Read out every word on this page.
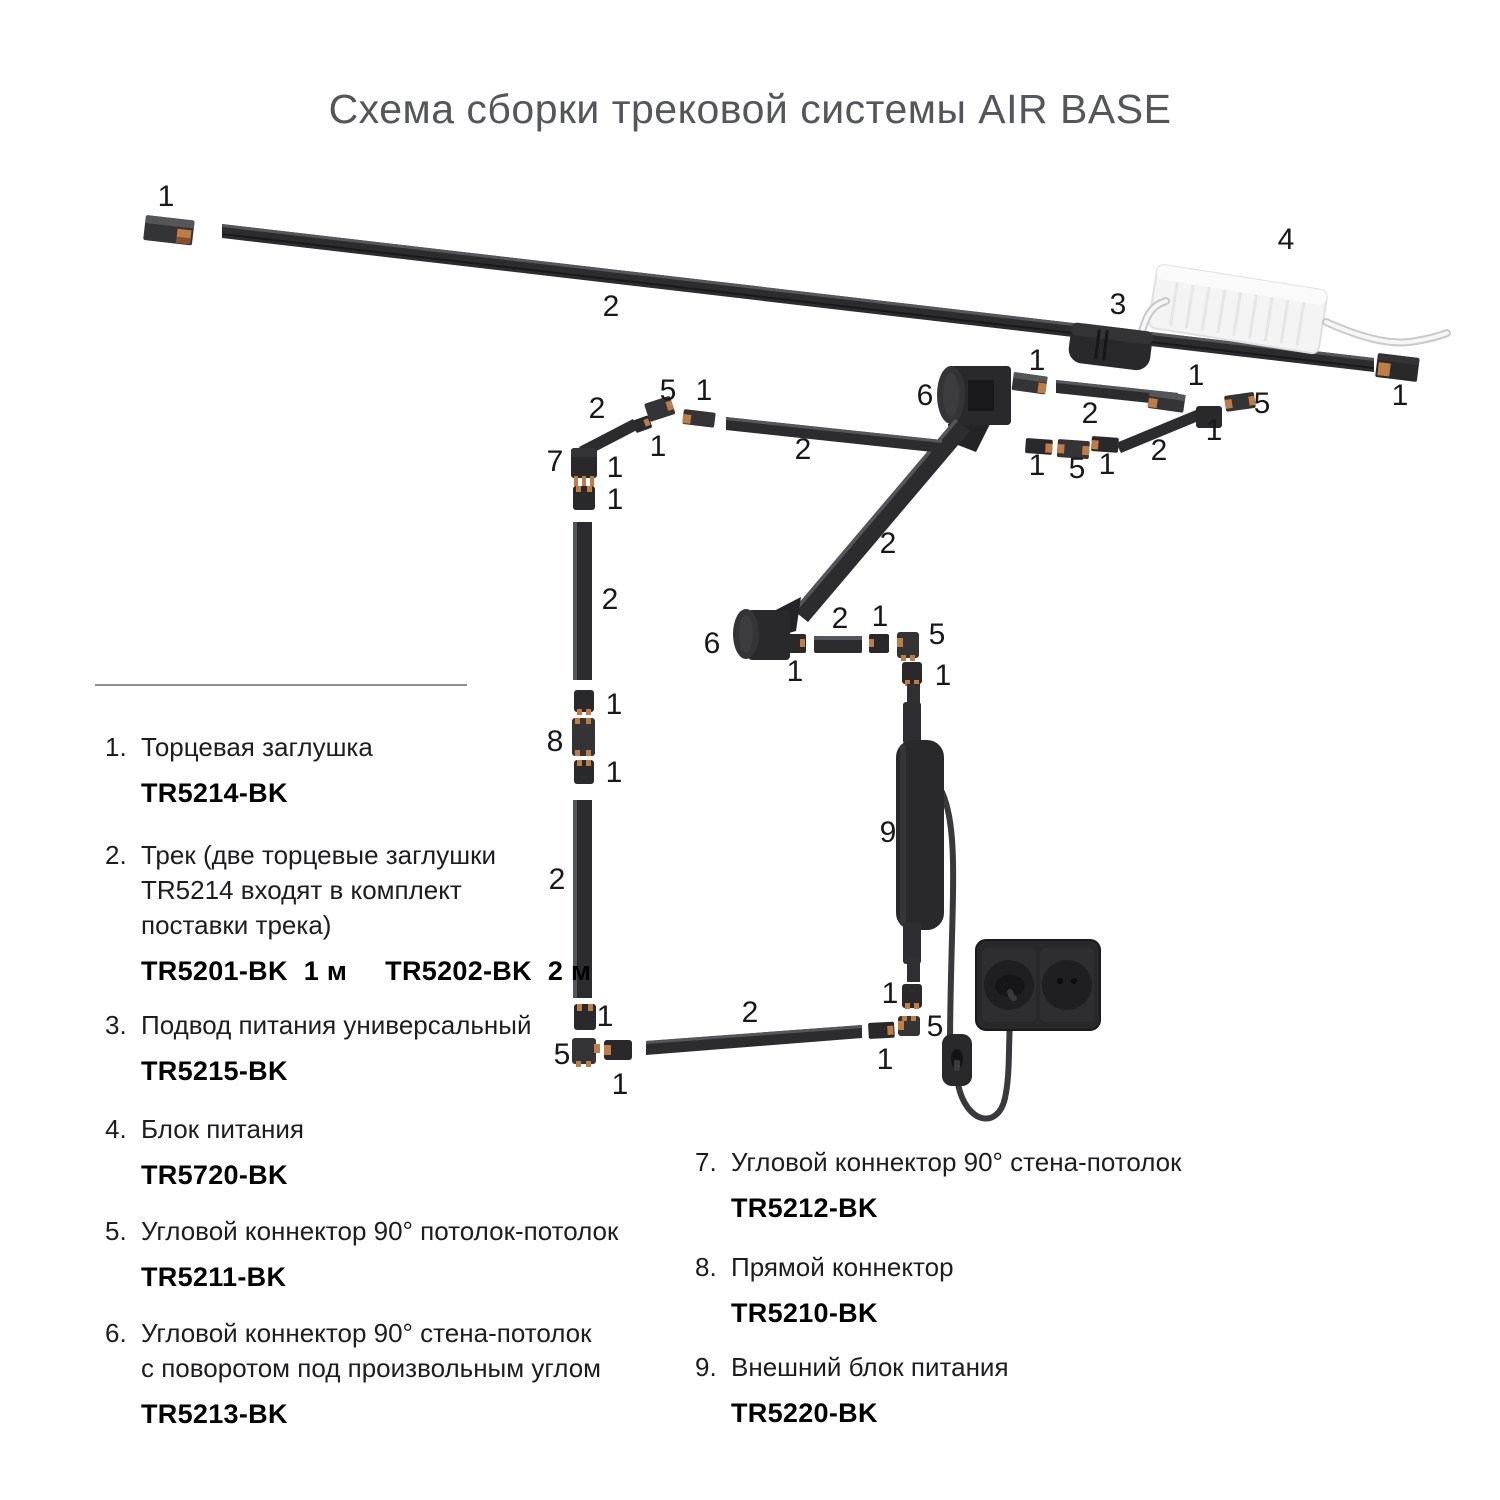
Схема сборки трековой системы AIR BASE
1
2	3
4
1
1
2
1
5
1
2
1 5 1
6
2
2
5 1
2
1
7 1
1
2
1
8
1
2
6
1
2 1
5
1
9
1
5
1
2
1
5
1
1. Торцевая заглушка
TR5214-BK
2. Трек (две торцевые заглушки TR5214 входят в комплект поставки трека)
TR5201-BK 1 м TR5202-BK 2 м
3. Подвод питания универсальный
TR5215-BK
4. Блок питания
TR5720-BK
5. Угловой коннектор 90° потолок-потолок
TR5211-BK
6. Угловой коннектор 90° стена-потолок с поворотом под произвольным углом
TR5213-BK
7. Угловой коннектор 90° стена-потолок
TR5212-BK
8. Прямой коннектор
TR5210-BK
9. Внешний блок питания
TR5220-BK
